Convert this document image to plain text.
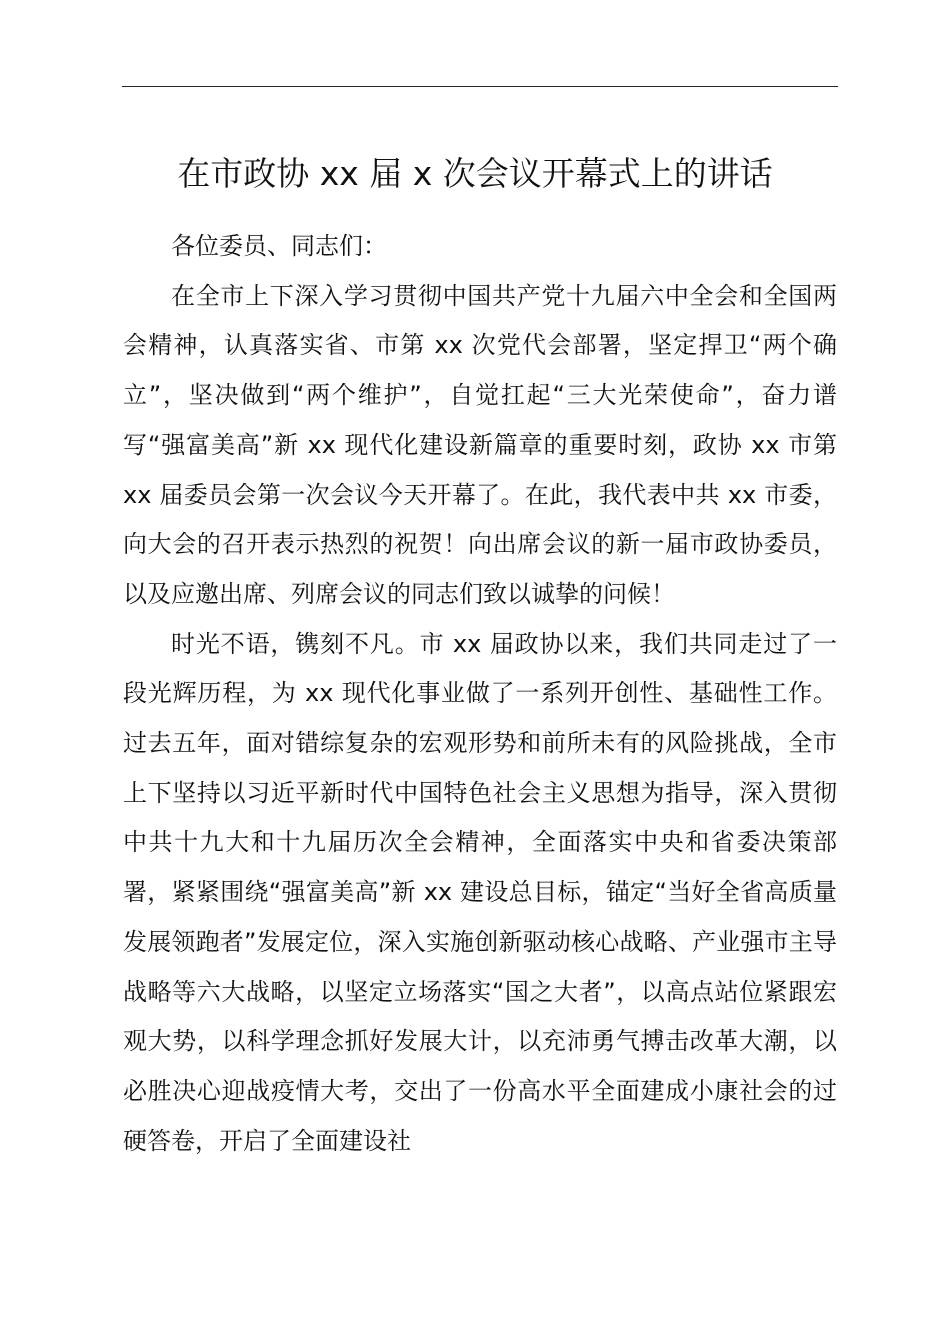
在市政协 xx 届 x 次会议开幕式上的讲话

各位委员、同志们：

在全市上下深入学习贯彻中国共产党十九届六中全会和全国两会精神，认真落实省、市第 xx 次党代会部署，坚定捍卫“两个确立”，坚决做到“两个维护”，自觉扛起“三大光荣使命”，奋力谱写“强富美高”新 xx 现代化建设新篇章的重要时刻，政协 xx 市第 xx 届委员会第一次会议今天开幕了。在此，我代表中共 xx 市委，向大会的召开表示热烈的祝贺！向出席会议的新一届市政协委员，以及应邀出席、列席会议的同志们致以诚挚的问候！

时光不语，镌刻不凡。市 xx 届政协以来，我们共同走过了一段光辉历程，为 xx 现代化事业做了一系列开创性、基础性工作。过去五年，面对错综复杂的宏观形势和前所未有的风险挑战，全市上下坚持以习近平新时代中国特色社会主义思想为指导，深入贯彻中共十九大和十九届历次全会精神，全面落实中央和省委决策部署，紧紧围绕“强富美高”新 xx 建设总目标，锚定“当好全省高质量发展领跑者”发展定位，深入实施创新驱动核心战略、产业强市主导战略等六大战略，以坚定立场落实“国之大者”，以高点站位紧跟宏观大势，以科学理念抓好发展大计，以充沛勇气搏击改革大潮，以必胜决心迎战疫情大考，交出了一份高水平全面建成小康社会的过硬答卷，开启了全面建设社
